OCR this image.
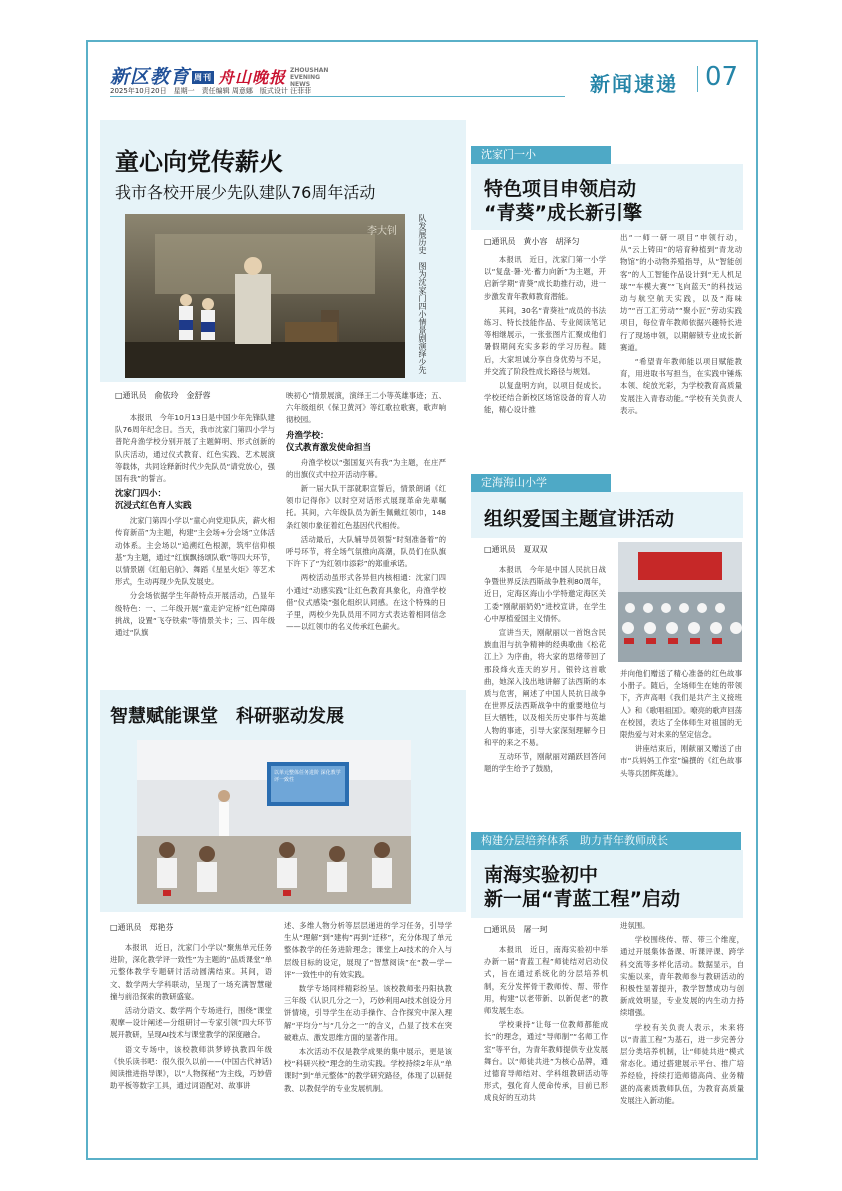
新区教育 周刊 舟山晚报 ZHOUSHAN EVENING NEWS
2025年10月20日　星期一　责任编辑 周意娜　版式设计 汪菲菲	新闻速递 07
童心向党传薪火
我市各校开展少先队建队76周年活动
李大钊	队发展历史　图为沈家门四小情景剧演绎少先
□通讯员　俞依玲　金舒蓉

本报讯　今年10月13日是中国少年先锋队建队76周年纪念日。当天，我市沈家门第四小学与普陀舟渔学校分别开展了主题鲜明、形式创新的队庆活动，通过仪式教育、红色实践、艺术展演等载体，共同诠释新时代少先队员“请党放心，强国有我”的誓言。

沈家门四小：
沉浸式红色育人实践

沈家门第四小学以“童心向党迎队庆，薪火相传育新苗”为主题，构建“主会场+分会场”立体活动体系。主会场以“追溯红色根源，筑牢信仰根基”为主题，通过“红旗飘扬颂队歌”等四大环节，以情景剧《红船启航》、舞蹈《星星火炬》等艺术形式，生动再现少先队发展史。

分会场依据学生年龄特点开展活动，凸显年级特色：一、二年级开展“童走沪定桥”红色障碍挑战，设置“飞夺铁索”等情景关卡；三、四年级通过“队旗

映初心”情景展演，演绎王二小等英雄事迹；五、六年级组织《保卫黄河》等红歌拉歌赛，歌声响彻校园。

舟渔学校：
仪式教育激发使命担当

舟渔学校以“强国复兴有我”为主题，在庄严的出旗仪式中拉开活动序幕。

新一届大队干部就职宣誓后，情景朗诵《红领巾记得你》以时空对话形式展现革命先辈嘱托。其间，六年级队员为新生佩戴红领巾，148条红领巾象征着红色基因代代相传。

活动最后，大队辅导员领誓“时刻准备着”的呼号环节，将全场气氛推向高潮，队员们在队旗下许下了“为红领巾添彩”的郑重承诺。

两校活动虽形式各异但内核相通：沈家门四小通过“动感实践”让红色教育具象化，舟渔学校借“仪式感染”强化组织认同感。在这个特殊的日子里，两校少先队员用不同方式表达着相同信念——以红领巾的名义传承红色薪火。

沈家门一小
特色项目申领启动
“青葵”成长新引擎
□通讯员　黄小容　胡泽匀

本报讯　近日，沈家门第一小学以“复盘·暑·光·蓄力向新”为主题，开启新学期“青葵”成长助推行动，进一步激发青年教师教育潜能。

其间，30名“青葵社”成员的书法练习、特长技能作品、专业阅读笔记等相继展示，一张张图片汇聚成他们暑假期间充实多彩的学习历程。随后，大家坦诚分享自身优势与不足，并交流了阶段性成长路径与规划。

以复盘明方向，以项目促成长。学校还结合新校区场馆设备的育人功能，精心设计推

出“一师一研一项目”申领行动，从“云上铸田”的培育种植到“青龙动物馆”的小动物养殖指导，从“智能创客”的人工智能作品设计到“无人机足球”“车模大赛”“飞向蓝天”的科技运动与航空航天实践，以及“海味坊”“百工汇劳动”“聚小匠”劳动实践项目，每位青年教师依据兴趣特长进行了现场申领，以期解锁专业成长新赛道。

“希望青年教师能以项目赋能教育，用进取书写担当，在实践中锤炼本领、绽放光彩，为学校教育高质量发展注入青春动能。”学校有关负责人表示。

定海海山小学
组织爱国主题宣讲活动
□通讯员　夏双双

本报讯　今年是中国人民抗日战争暨世界反法西斯战争胜利80周年，近日，定海区海山小学特邀定海区关工委“刚献丽奶奶”进校宣讲，在学生心中厚植爱国主义情怀。

宣讲当天，刚献丽以一首饱含民族血泪与抗争精神的经典歌曲《松花江上》为序曲，将大家的思绪带回了那段烽火连天的岁月。银铃这首歌曲，她深入浅出地讲解了法西斯的本质与危害，阐述了中国人民抗日战争在世界反法西斯战争中的重要地位与巨大牺牲，以及相关历史事件与英雄人物的事迹，引导大家深刻理解今日和平的来之不易。

互动环节，刚献丽对踊跃回答问题的学生给予了鼓励，

并向他们赠送了精心准备的红色故事小册子。随后，全场师生在她的带领下，齐声高唱《我们是共产主义接班人》和《歌唱祖国》。嘹亮的歌声回荡在校园，表达了全体师生对祖国的无限热爱与对未来的坚定信念。

讲座结束后，刚献丽又赠送了由市“兵妈妈工作室”编撰的《红色故事头等兵团辉英雄》。

智慧赋能课堂　科研驱动发展
以单元整体任务进阶 深化教学评一致性
□通讯员　郑艳芬

本报讯　近日，沈家门小学以“聚焦单元任务进阶，深化教学评一致性”为主题的“品质课堂”单元整体教学专题研讨活动圆满结束。其间，语文、数学两大学科联动，呈现了一场充满智慧碰撞与前沿探索的教研盛宴。

活动分语文、数学两个专场进行，围绕“课堂观摩—设计阐述—分组研讨—专家引领”四大环节展开教研，呈现AI技术与课堂教学的深度融合。

语文专场中，该校教师洪梦婷执教四年级《快乐读书吧：很久很久以前——(中国古代神话)阅读推进指导课》，以“人物探秘”为主线，巧妙借助平板等数字工具，通过词语配对、故事讲

述、多维人物分析等层层递进的学习任务，引导学生从“理解”到“建构”再到“迁移”，充分体现了单元整体教学的任务进阶理念；课堂上AI技术的介入与层级目标的设定，展现了“智慧阅读”在“教—学—评”一致性中的有效实践。

数学专场同样精彩纷呈。该校教师张丹阳执教三年级《认识几分之一》，巧妙利用AI技术创设分月饼情境，引导学生在动手操作、合作探究中深入理解“平均分”与“几分之一”的含义，凸显了技术在突破难点、激发思维方面的显著作用。

本次活动不仅是教学成果的集中展示，更是该校“科研兴校”理念的生动实践。学校持续2年从“单课时”到“单元整体”的教学研究路径，体现了以研促教、以教促学的专业发展机制。

构建分层培养体系　助力青年教师成长
南海实验初中
新一届“青蓝工程”启动
□通讯员　屠一珂

本报讯　近日，南海实验初中举办新一届“青蓝工程”师徒结对启动仪式，旨在通过系统化的分层培养机制，充分发挥骨干教师传、帮、带作用，构建“以老带新、以新促老”的教师发展生态。

学校秉持“让每一位教师都能成长”的理念，通过“导师制”“名师工作室”等平台，为青年教师提供专业发展舞台。以“师徒共进”为核心品牌，通过德育导师结对、学科组教研活动等形式，强化育人使命传承，目前已形成良好的互动共

进氛围。

学校围绕传、帮、带三个维度，通过开展集体备课、听课评课、跨学科交流等多样化活动。数据显示，自实施以来，青年教师参与教研活动的积极性显著提升，教学智慧成功与创新成效明显，专业发展的内生动力持续增强。

学校有关负责人表示，未来将以“青蓝工程”为基石，进一步完善分层分类培养机制，让“师徒共进”模式常态化。通过搭建展示平台、推广培养经验，持续打造师德高尚、业务精湛的高素质教师队伍，为教育高质量发展注入新动能。
